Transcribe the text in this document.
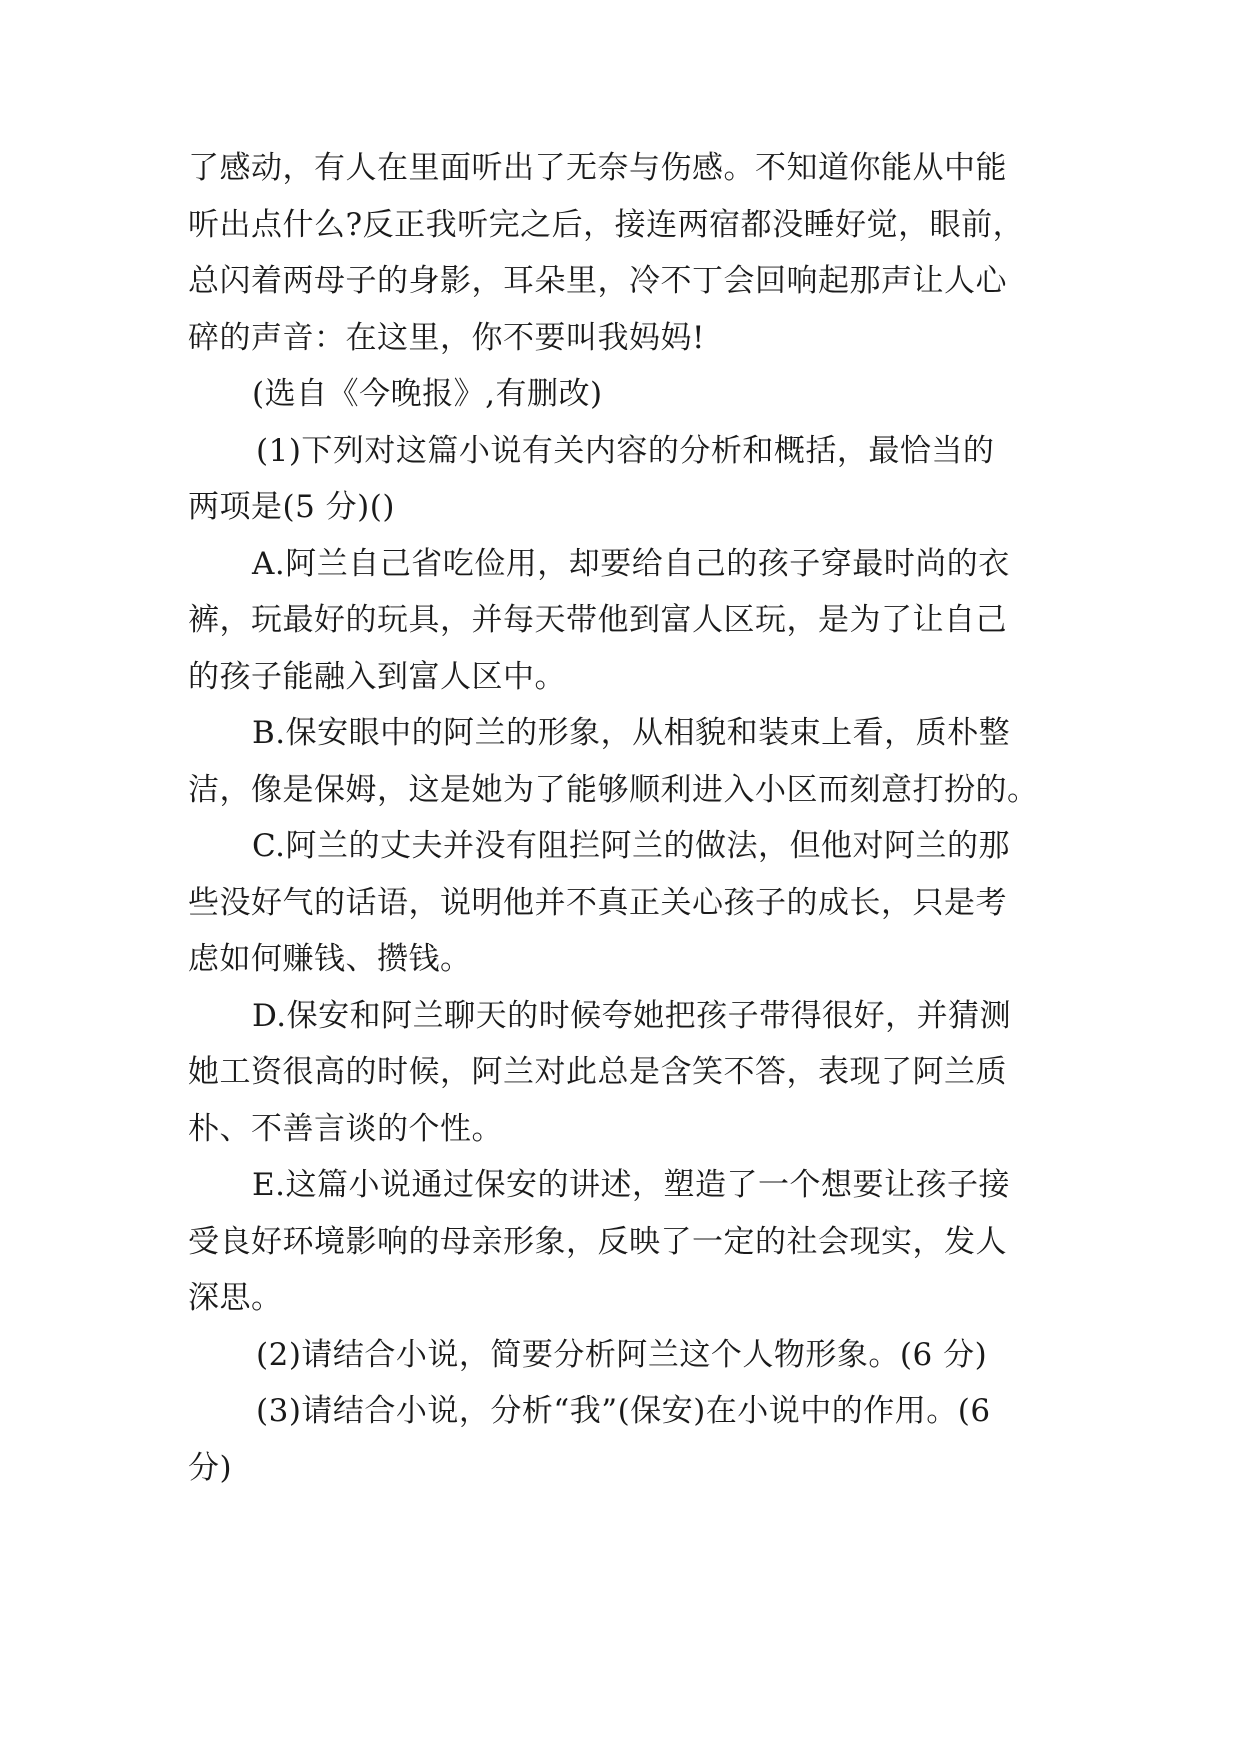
了感动，有人在里面听出了无奈与伤感。不知道你能从中能
听出点什么?反正我听完之后，接连两宿都没睡好觉，眼前，
总闪着两母子的身影，耳朵里，冷不丁会回响起那声让人心
碎的声音：在这里，你不要叫我妈妈!
(选自《今晚报》,有删改)
(1)下列对这篇小说有关内容的分析和概括，最恰当的
两项是(5 分)()
A.阿兰自己省吃俭用，却要给自己的孩子穿最时尚的衣
裤，玩最好的玩具，并每天带他到富人区玩，是为了让自己
的孩子能融入到富人区中。
B.保安眼中的阿兰的形象，从相貌和装束上看，质朴整
洁，像是保姆，这是她为了能够顺利进入小区而刻意打扮的。
C.阿兰的丈夫并没有阻拦阿兰的做法，但他对阿兰的那
些没好气的话语，说明他并不真正关心孩子的成长，只是考
虑如何赚钱、攒钱。
D.保安和阿兰聊天的时候夸她把孩子带得很好，并猜测
她工资很高的时候，阿兰对此总是含笑不答，表现了阿兰质
朴、不善言谈的个性。
E.这篇小说通过保安的讲述，塑造了一个想要让孩子接
受良好环境影响的母亲形象，反映了一定的社会现实，发人
深思。
(2)请结合小说，简要分析阿兰这个人物形象。(6 分)
(3)请结合小说，分析“我”(保安)在小说中的作用。(6
分)
